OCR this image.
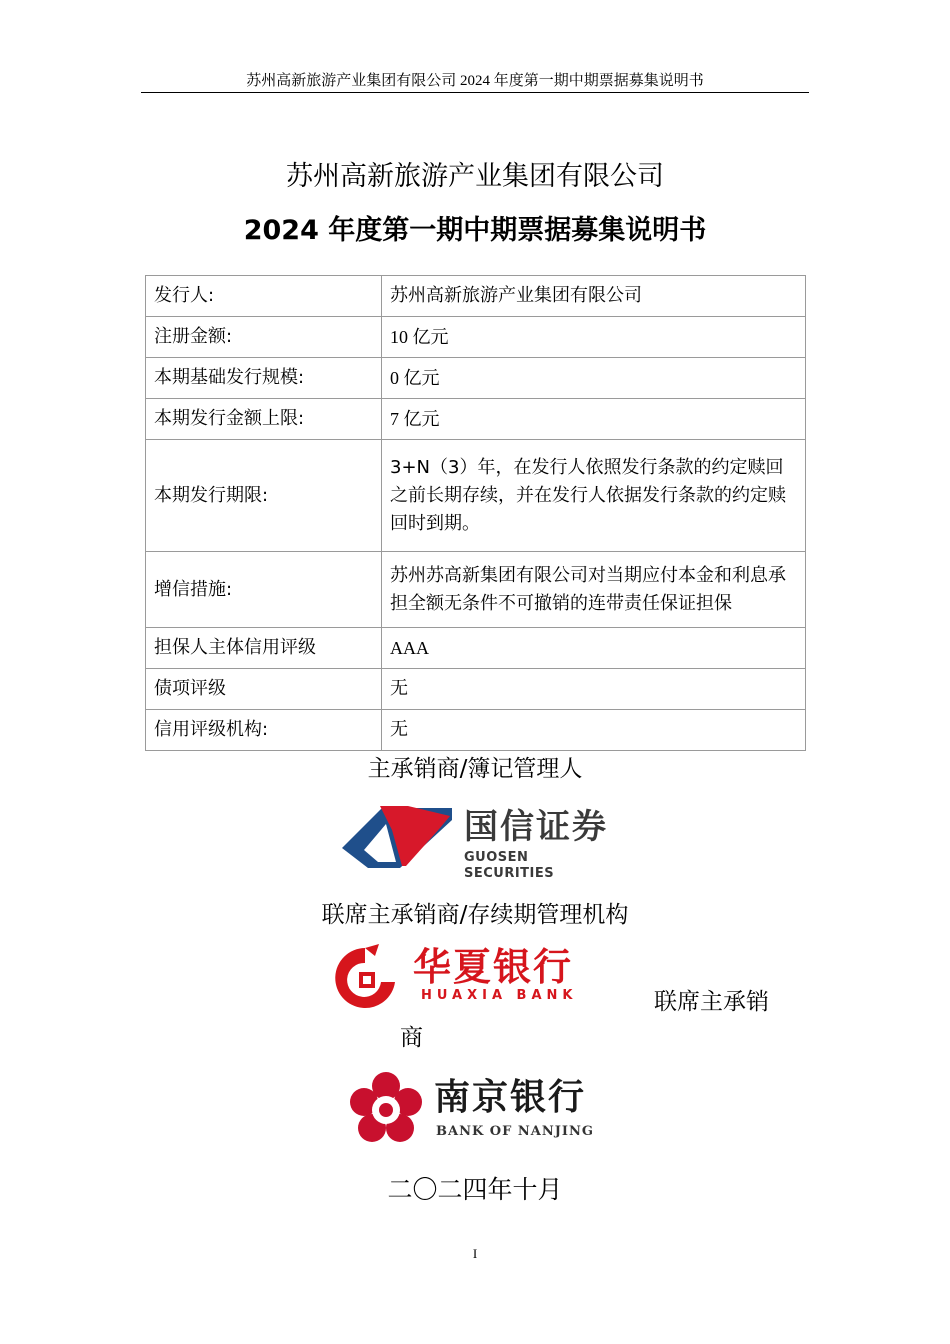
苏州高新旅游产业集团有限公司 2024 年度第一期中期票据募集说明书
苏州高新旅游产业集团有限公司
2024 年度第一期中期票据募集说明书
发行人:	苏州高新旅游产业集团有限公司
注册金额:	10 亿元
本期基础发行规模:	0 亿元
本期发行金额上限:	7 亿元
本期发行期限:	3+N（3）年，在发行人依照发行条款的约定赎回之前长期存续，并在发行人依据发行条款的约定赎回时到期。
增信措施:	苏州苏高新集团有限公司对当期应付本金和利息承担全额无条件不可撤销的连带责任保证担保
担保人主体信用评级	AAA
债项评级	无
信用评级机构:	无
主承销商/簿记管理人
国信证券
GUOSEN SECURITIES
联席主承销商/存续期管理机构
华夏银行
HUAXIA BANK	联席主承销
商
南京银行
BANK OF NANJING
二〇二四年十月
I
